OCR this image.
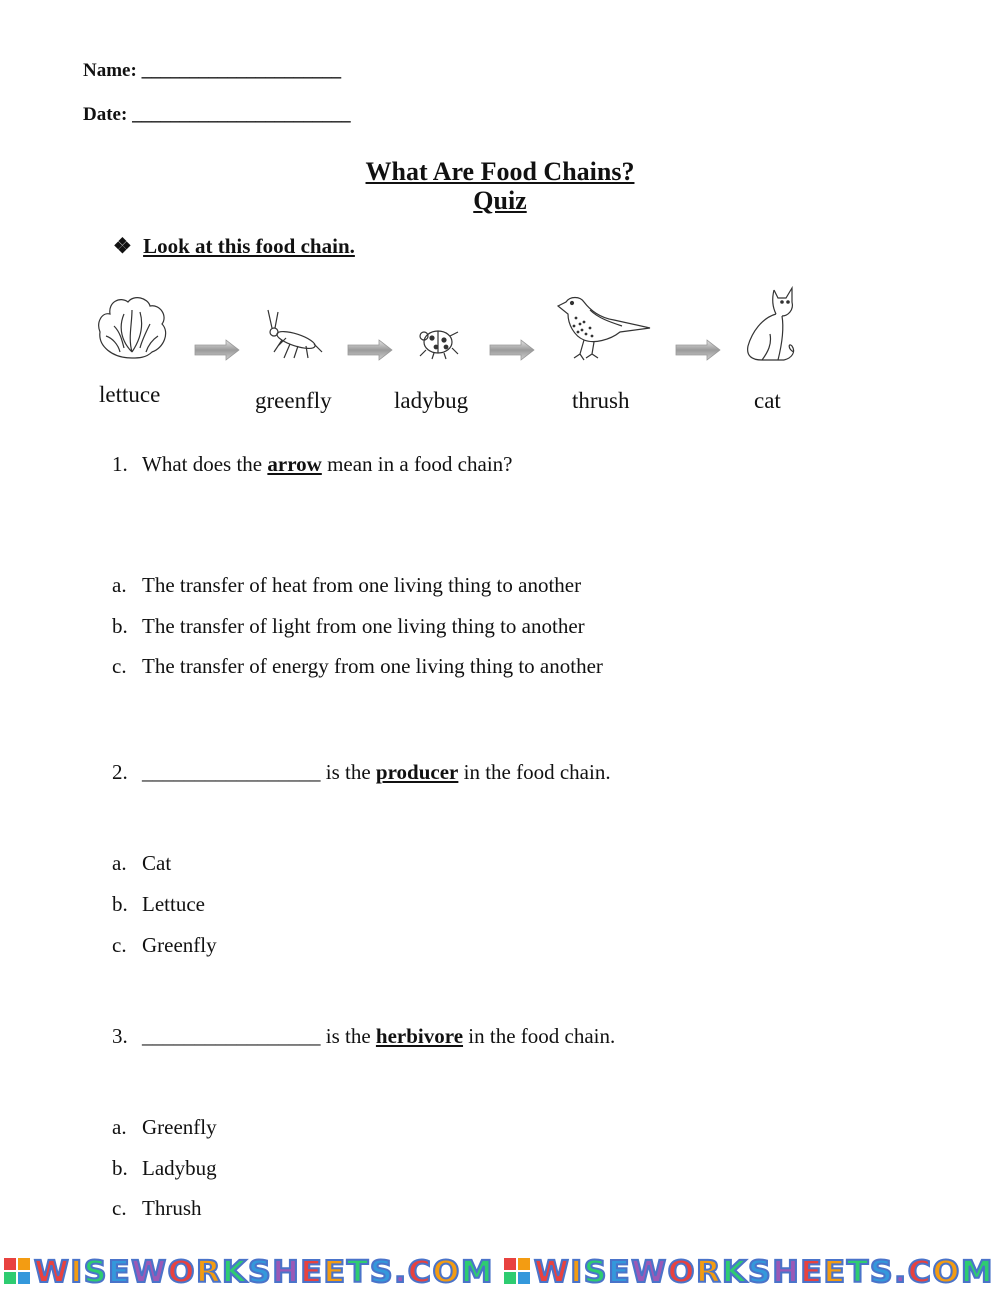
Name: _____________________
Date: _______________________
What Are Food Chains?
Quiz
❖ Look at this food chain.
lettuce	greenfly	ladybug	thrush	cat
1. What does the arrow mean in a food chain?
a. The transfer of heat from one living thing to another
b. The transfer of light from one living thing to another
c. The transfer of energy from one living thing to another
2. _________________ is the producer in the food chain.
a. Cat
b. Lettuce
c. Greenfly
3. _________________ is the herbivore in the food chain.
a. Greenfly
b. Ladybug
c. Thrush
WISEWORKSHEETS.COM WISEWORKSHEETS.COM
